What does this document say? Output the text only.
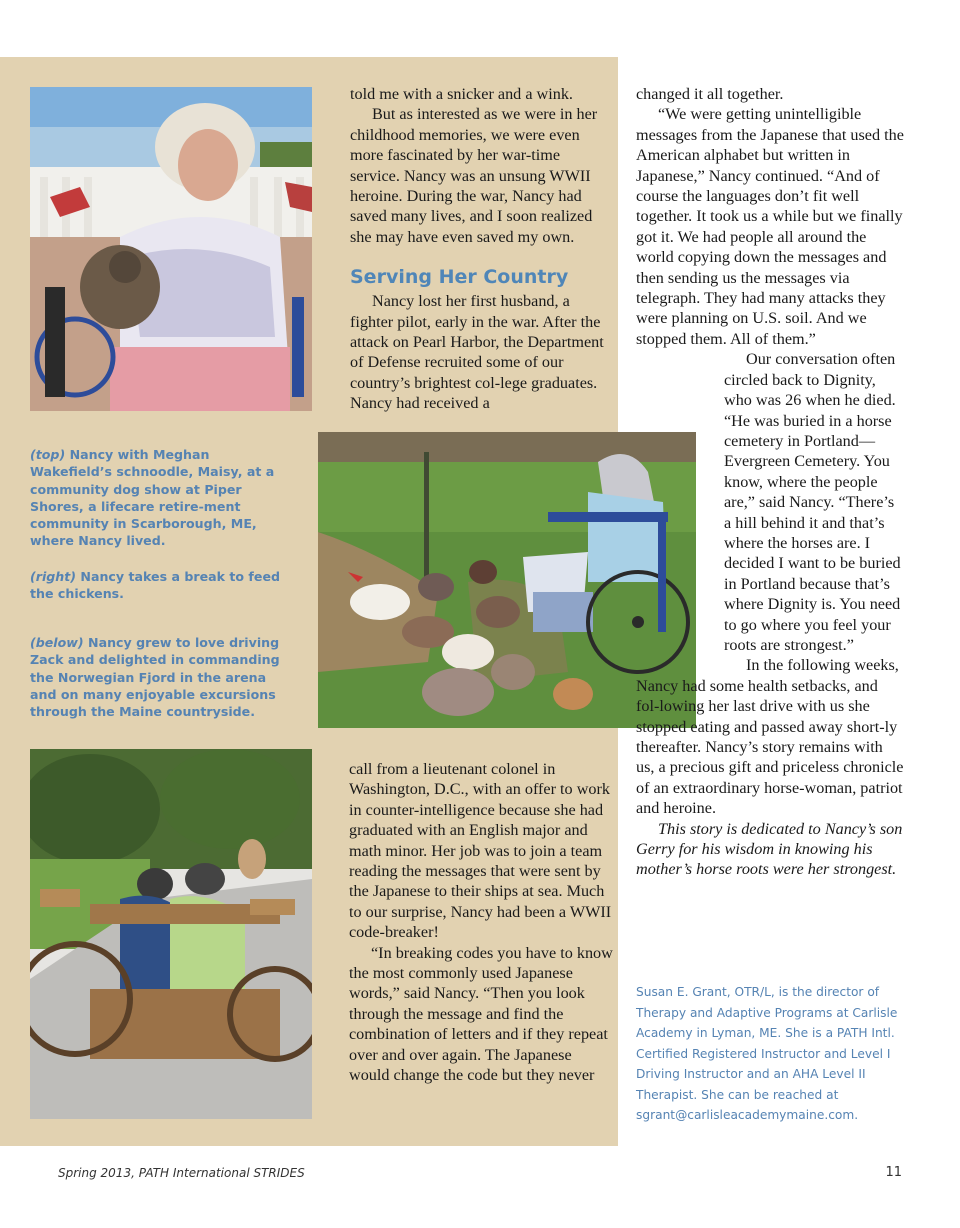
told me with a snicker and a wink.

But as interested as we were in her childhood memories, we were even more fascinated by her war-time service. Nancy was an unsung WWII heroine. During the war, Nancy had saved many lives, and I soon realized she may have even saved my own.

Serving Her Country

Nancy lost her first husband, a fighter pilot, early in the war. After the attack on Pearl Harbor, the Department of Defense recruited some of our country’s brightest col-lege graduates. Nancy had received a

call from a lieutenant colonel in Washington, D.C., with an offer to work in counter-intelligence because she had graduated with an English major and math minor. Her job was to join a team reading the messages that were sent by the Japanese to their ships at sea. Much to our surprise, Nancy had been a WWII code-breaker!

“In breaking codes you have to know the most commonly used Japanese words,” said Nancy. “Then you look through the message and find the combination of letters and if they repeat over and over again. The Japanese would change the code but they never

changed it all together.

“We were getting unintelligible messages from the Japanese that used the American alphabet but written in Japanese,” Nancy continued. “And of course the languages don’t fit well together. It took us a while but we finally got it. We had people all around the world copying down the messages and then sending us the messages via telegraph. They had many attacks they were planning on U.S. soil. And we stopped them. All of them.”

Our conversation often circled back to Dignity, who was 26 when he died. “He was buried in a horse cemetery in Portland—Evergreen Cemetery. You know, where the people are,” said Nancy. “There’s a hill behind it and that’s where the horses are. I decided I want to be buried in Portland because that’s where Dignity is. You need to go where you feel your roots are strongest.”

In the following weeks, Nancy had some health setbacks, and fol-lowing her last drive with us she stopped eating and passed away short-ly thereafter. Nancy’s story remains with us, a precious gift and priceless chronicle of an extraordinary horse-woman, patriot and heroine.

This story is dedicated to Nancy’s son Gerry for his wisdom in knowing his mother’s horse roots were her strongest.

(top) Nancy with Meghan Wakefield’s schnoodle, Maisy, at a community dog show at Piper Shores, a lifecare retire-ment community in Scarborough, ME, where Nancy lived.
(right) Nancy takes a break to feed the chickens.
(below) Nancy grew to love driving Zack and delighted in commanding the Norwegian Fjord in the arena and on many enjoyable excursions through the Maine countryside.
Susan E. Grant, OTR/L, is the director of Therapy and Adaptive Programs at Carlisle Academy in Lyman, ME. She is a PATH Intl. Certified Registered Instructor and Level I Driving Instructor and an AHA Level II Therapist. She can be reached at sgrant@carlisleacademymaine.com.
Spring 2013, PATH International STRIDES	11
